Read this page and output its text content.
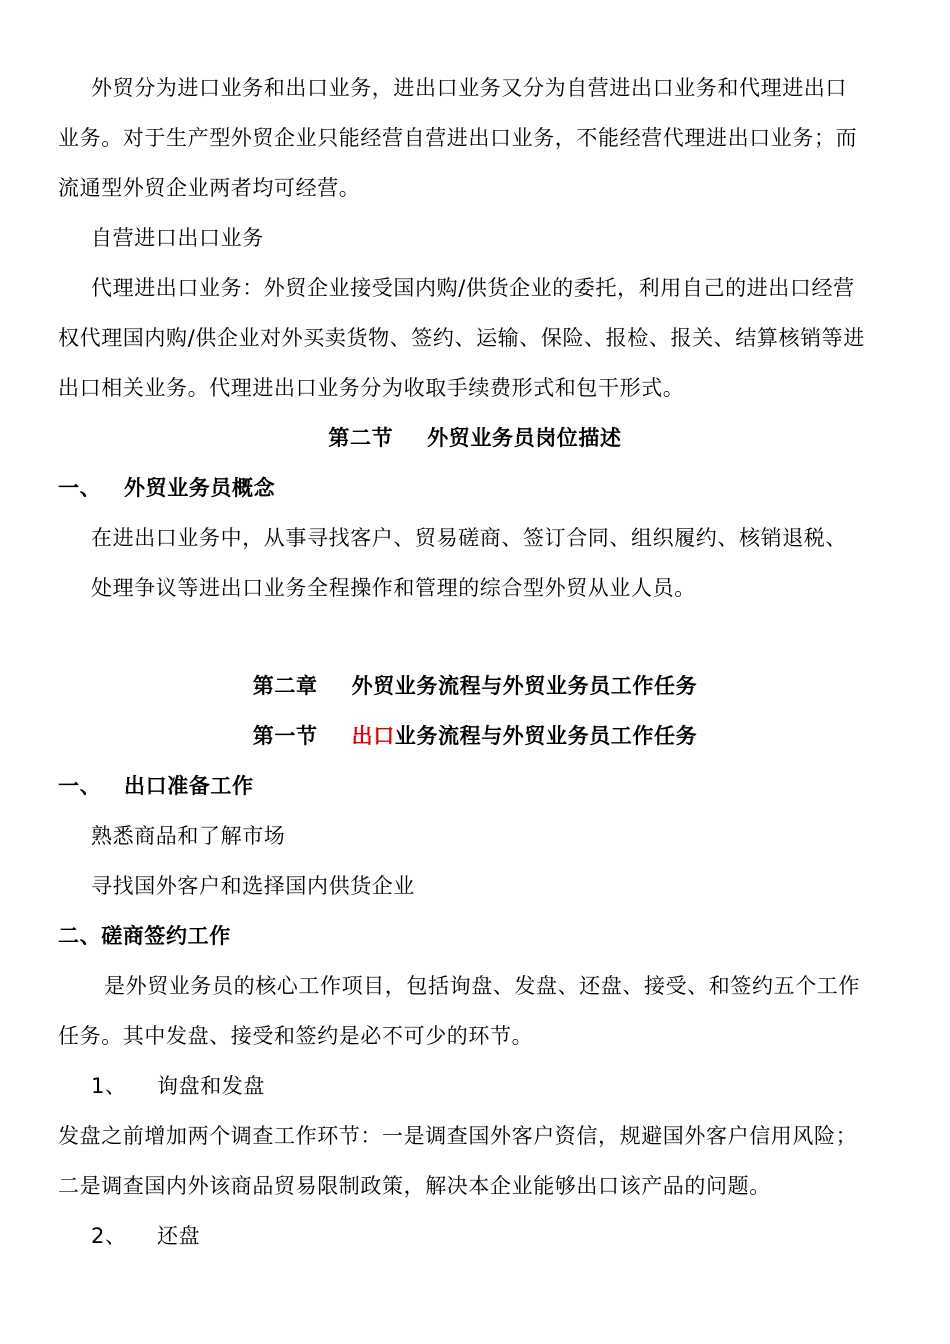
外贸分为进口业务和出口业务，进出口业务又分为自营进出口业务和代理进出口
业务。对于生产型外贸企业只能经营自营进出口业务，不能经营代理进出口业务；而
流通型外贸企业两者均可经营。
自营进口出口业务
代理进出口业务：外贸企业接受国内购/供货企业的委托，利用自己的进出口经营
权代理国内购/供企业对外买卖货物、签约、运输、保险、报检、报关、结算核销等进
出口相关业务。代理进出口业务分为收取手续费形式和包干形式。
第二节 外贸业务员岗位描述
一、 外贸业务员概念
在进出口业务中，从事寻找客户、贸易磋商、签订合同、组织履约、核销退税、
处理争议等进出口业务全程操作和管理的综合型外贸从业人员。
第二章 外贸业务流程与外贸业务员工作任务
第一节 出口业务流程与外贸业务员工作任务
一、 出口准备工作
熟悉商品和了解市场
寻找国外客户和选择国内供货企业
二、磋商签约工作
是外贸业务员的核心工作项目，包括询盘、发盘、还盘、接受、和签约五个工作
任务。其中发盘、接受和签约是必不可少的环节。
1、 询盘和发盘
发盘之前增加两个调查工作环节：一是调查国外客户资信，规避国外客户信用风险；
二是调查国内外该商品贸易限制政策，解决本企业能够出口该产品的问题。
2、 还盘
